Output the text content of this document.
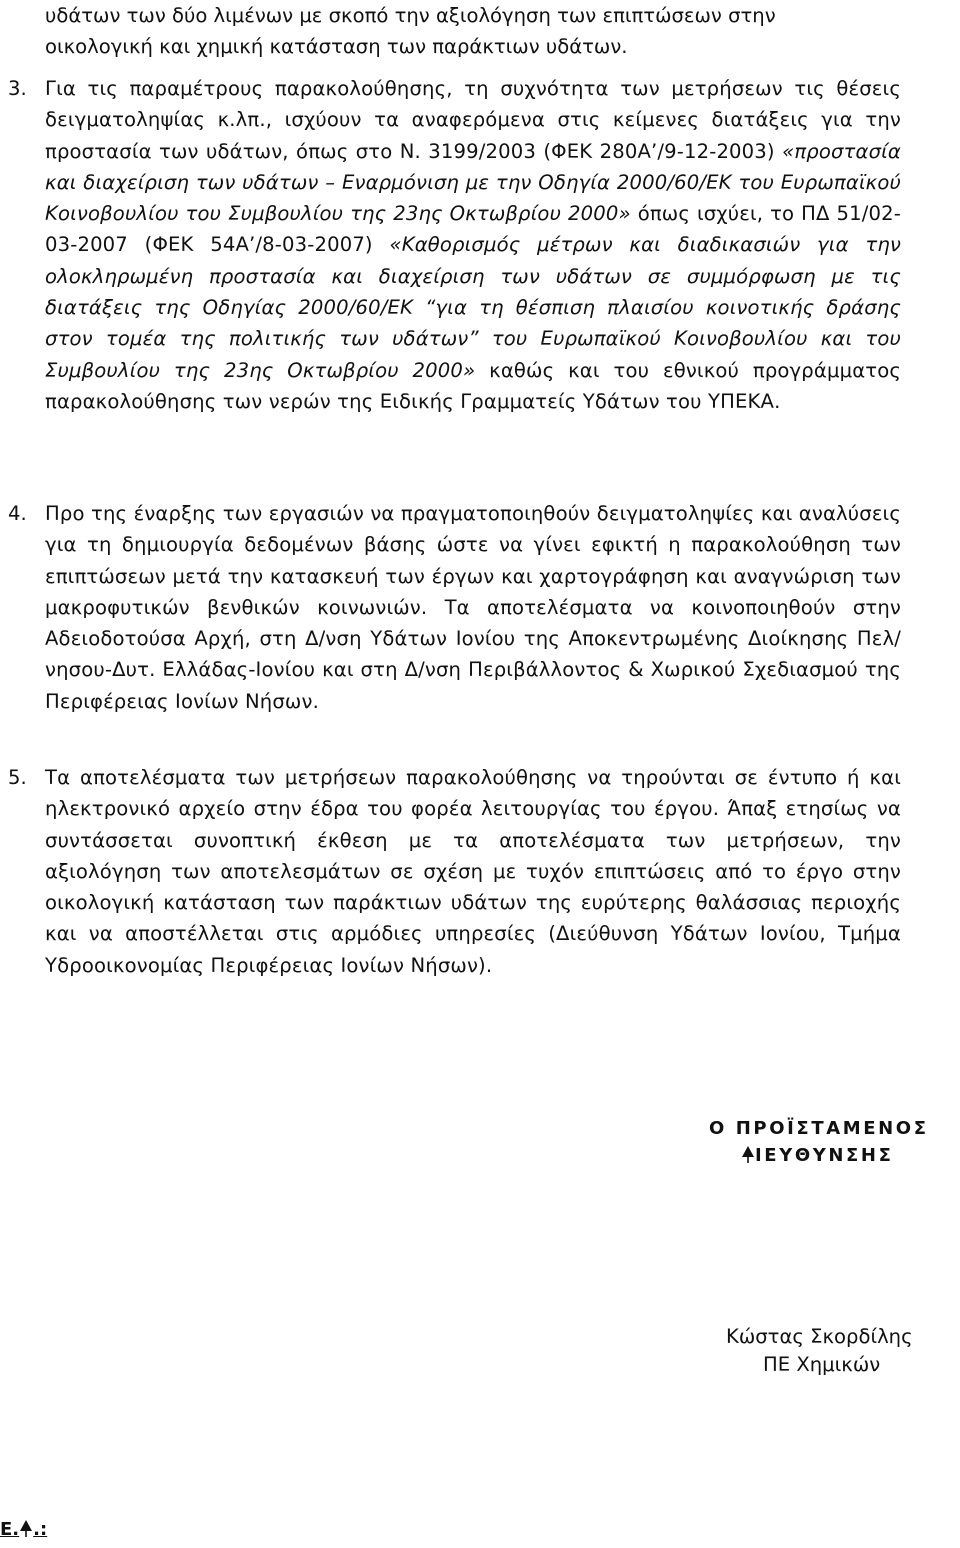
υδάτων των δύο λιμένων με σκοπό την αξιολόγηση των επιπτώσεων στην
οικολογική και χημική κατάσταση των παράκτιων υδάτων.
3. Για τις παραμέτρους παρακολούθησης, τη συχνότητα των μετρήσεων τις θέσεις δειγματοληψίας κ.λπ., ισχύουν τα αναφερόμενα στις κείμενες διατάξεις για την προστασία των υδάτων, όπως στο Ν. 3199/2003 (ΦΕΚ 280Α’/9-12-2003) «προστασία και διαχείριση των υδάτων – Εναρμόνιση με την Οδηγία 2000/60/ΕΚ του Ευρωπαϊκού Κοινοβουλίου του Συμβουλίου της 23ης Οκτωβρίου 2000» όπως ισχύει, το ΠΔ 51/02-03-2007 (ΦΕΚ 54Α’/8-03-2007) «Καθορισμός μέτρων και διαδικασιών για την ολοκληρωμένη προστασία και διαχείριση των υδάτων σε συμμόρφωση με τις διατάξεις της Οδηγίας 2000/60/ΕΚ “για τη θέσπιση πλαισίου κοινοτικής δράσης στον τομέα της πολιτικής των υδάτων” του Ευρωπαϊκού Κοινοβουλίου και του Συμβουλίου της 23ης Οκτωβρίου 2000» καθώς και του εθνικού προγράμματος παρακολούθησης των νερών της Ειδικής Γραμματείς Υδάτων του ΥΠΕΚΑ.

4. Προ της έναρξης των εργασιών να πραγματοποιηθούν δειγματοληψίες και αναλύσεις για τη δημιουργία δεδομένων βάσης ώστε να γίνει εφικτή η παρακολούθηση των επιπτώσεων μετά την κατασκευή των έργων και χαρτογράφηση και αναγνώριση των μακροφυτικών βενθικών κοινωνιών. Τα αποτελέσματα να κοινοποιηθούν στην Αδειοδοτούσα Αρχή, στη Δ/νση Υδάτων Ιονίου της Αποκεντρωμένης Διοίκησης Πελ/νησου-Δυτ. Ελλάδας-Ιονίου και στη Δ/νση Περιβάλλοντος & Χωρικού Σχεδιασμού της Περιφέρειας Ιονίων Νήσων.

5. Τα αποτελέσματα των μετρήσεων παρακολούθησης να τηρούνται σε έντυπο ή και ηλεκτρονικό αρχείο στην έδρα του φορέα λειτουργίας του έργου. Άπαξ ετησίως να συντάσσεται συνοπτική έκθεση με τα αποτελέσματα των μετρήσεων, την αξιολόγηση των αποτελεσμάτων σε σχέση με τυχόν επιπτώσεις από το έργο στην οικολογική κατάσταση των παράκτιων υδάτων της ευρύτερης θαλάσσιας περιοχής και να αποστέλλεται στις αρμόδιες υπηρεσίες (Διεύθυνση Υδάτων Ιονίου, Τμήμα Υδροοικονομίας Περιφέρειας Ιονίων Νήσων).

Ο ΠΡΟΪΣΤΑΜΕΝΟΣ
ΙΕΥΘΥΝΣΗΣ
Κώστας Σκορδίλης
ΠΕ Χημικών
Ε. .:
